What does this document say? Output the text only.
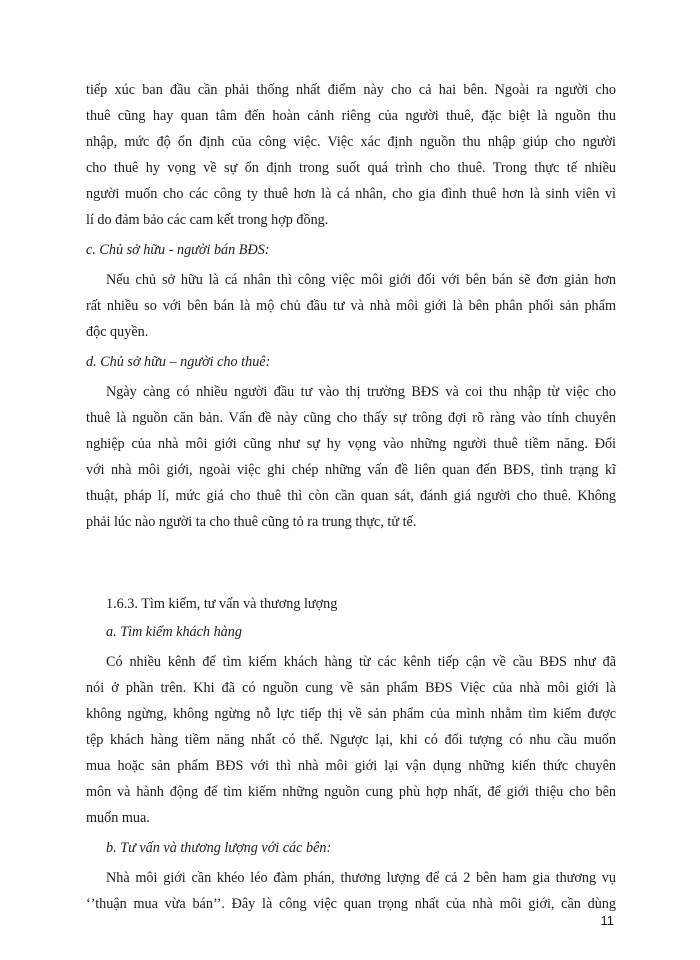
tiếp xúc ban đầu cần phải thống nhất điểm này cho cả hai bên. Ngoài ra người cho
thuê cũng hay quan tâm đến hoàn cảnh riêng của người thuê, đặc biệt là nguồn thu
nhập, mức độ ổn định của công việc. Việc xác định nguồn thu nhập giúp cho người
cho thuê hy vọng về sự ổn định trong suốt quá trình cho thuê. Trong thực tế nhiều
người muốn cho các công ty thuê hơn là cá nhân, cho gia đình thuê hơn là sinh viên vì
lí do đảm bảo các cam kết trong hợp đồng.
c. Chủ sở hữu - người bán BĐS:
Nếu chủ sở hữu là cá nhân thì công việc môi giới đối với bên bán sẽ đơn giản hơn
rất nhiều so với bên bán là mộ chủ đầu tư và nhà môi giới là bên phân phối sản phẩm
độc quyền.
d. Chủ sở hữu – người cho thuê:
Ngày càng có nhiều người đầu tư vào thị trường BĐS và coi thu nhập từ việc cho
thuê là nguồn căn bản. Vấn đề này cũng cho thấy sự trông đợi rõ ràng vào tính chuyên
nghiệp của nhà môi giới cũng như sự hy vọng vào những người thuê tiềm năng. Đối
với nhà môi giới, ngoài việc ghi chép những vấn đề liên quan đến BĐS, tình trạng kĩ
thuật, pháp lí, mức giá cho thuê thì còn cần quan sát, đánh giá người cho thuê. Không
phải lúc nào người ta cho thuê cũng tỏ ra trung thực, tử tế.
1.6.3. Tìm kiếm, tư vấn và thương lượng
a. Tìm kiếm khách hàng
Có nhiều kênh để tìm kiếm khách hàng từ các kênh tiếp cận về cầu BĐS như đã
nói ở phần trên. Khi đã có nguồn cung về sản phẩm BĐS Việc của nhà môi giới là
không ngừng, không ngừng nỗ lực tiếp thị về sản phẩm của mình nhằm tìm kiếm được
tệp khách hàng tiềm năng nhất có thể. Ngược lại, khi có đối tượng có nhu cầu muốn
mua hoặc sản phẩm BĐS với thì nhà môi giới lại vận dụng những kiến thức chuyên
môn và hành động để tìm kiếm những nguồn cung phù hợp nhất, để giới thiệu cho bên
muốn mua.
b. Tư vấn và thương lượng với các bên:
Nhà môi giới cần khéo léo đàm phán, thương lượng để cả 2 bên ham gia thương vụ
‘’thuận mua vừa bán’’. Đây là công việc quan trọng nhất của nhà môi giới, cần dùng
11
